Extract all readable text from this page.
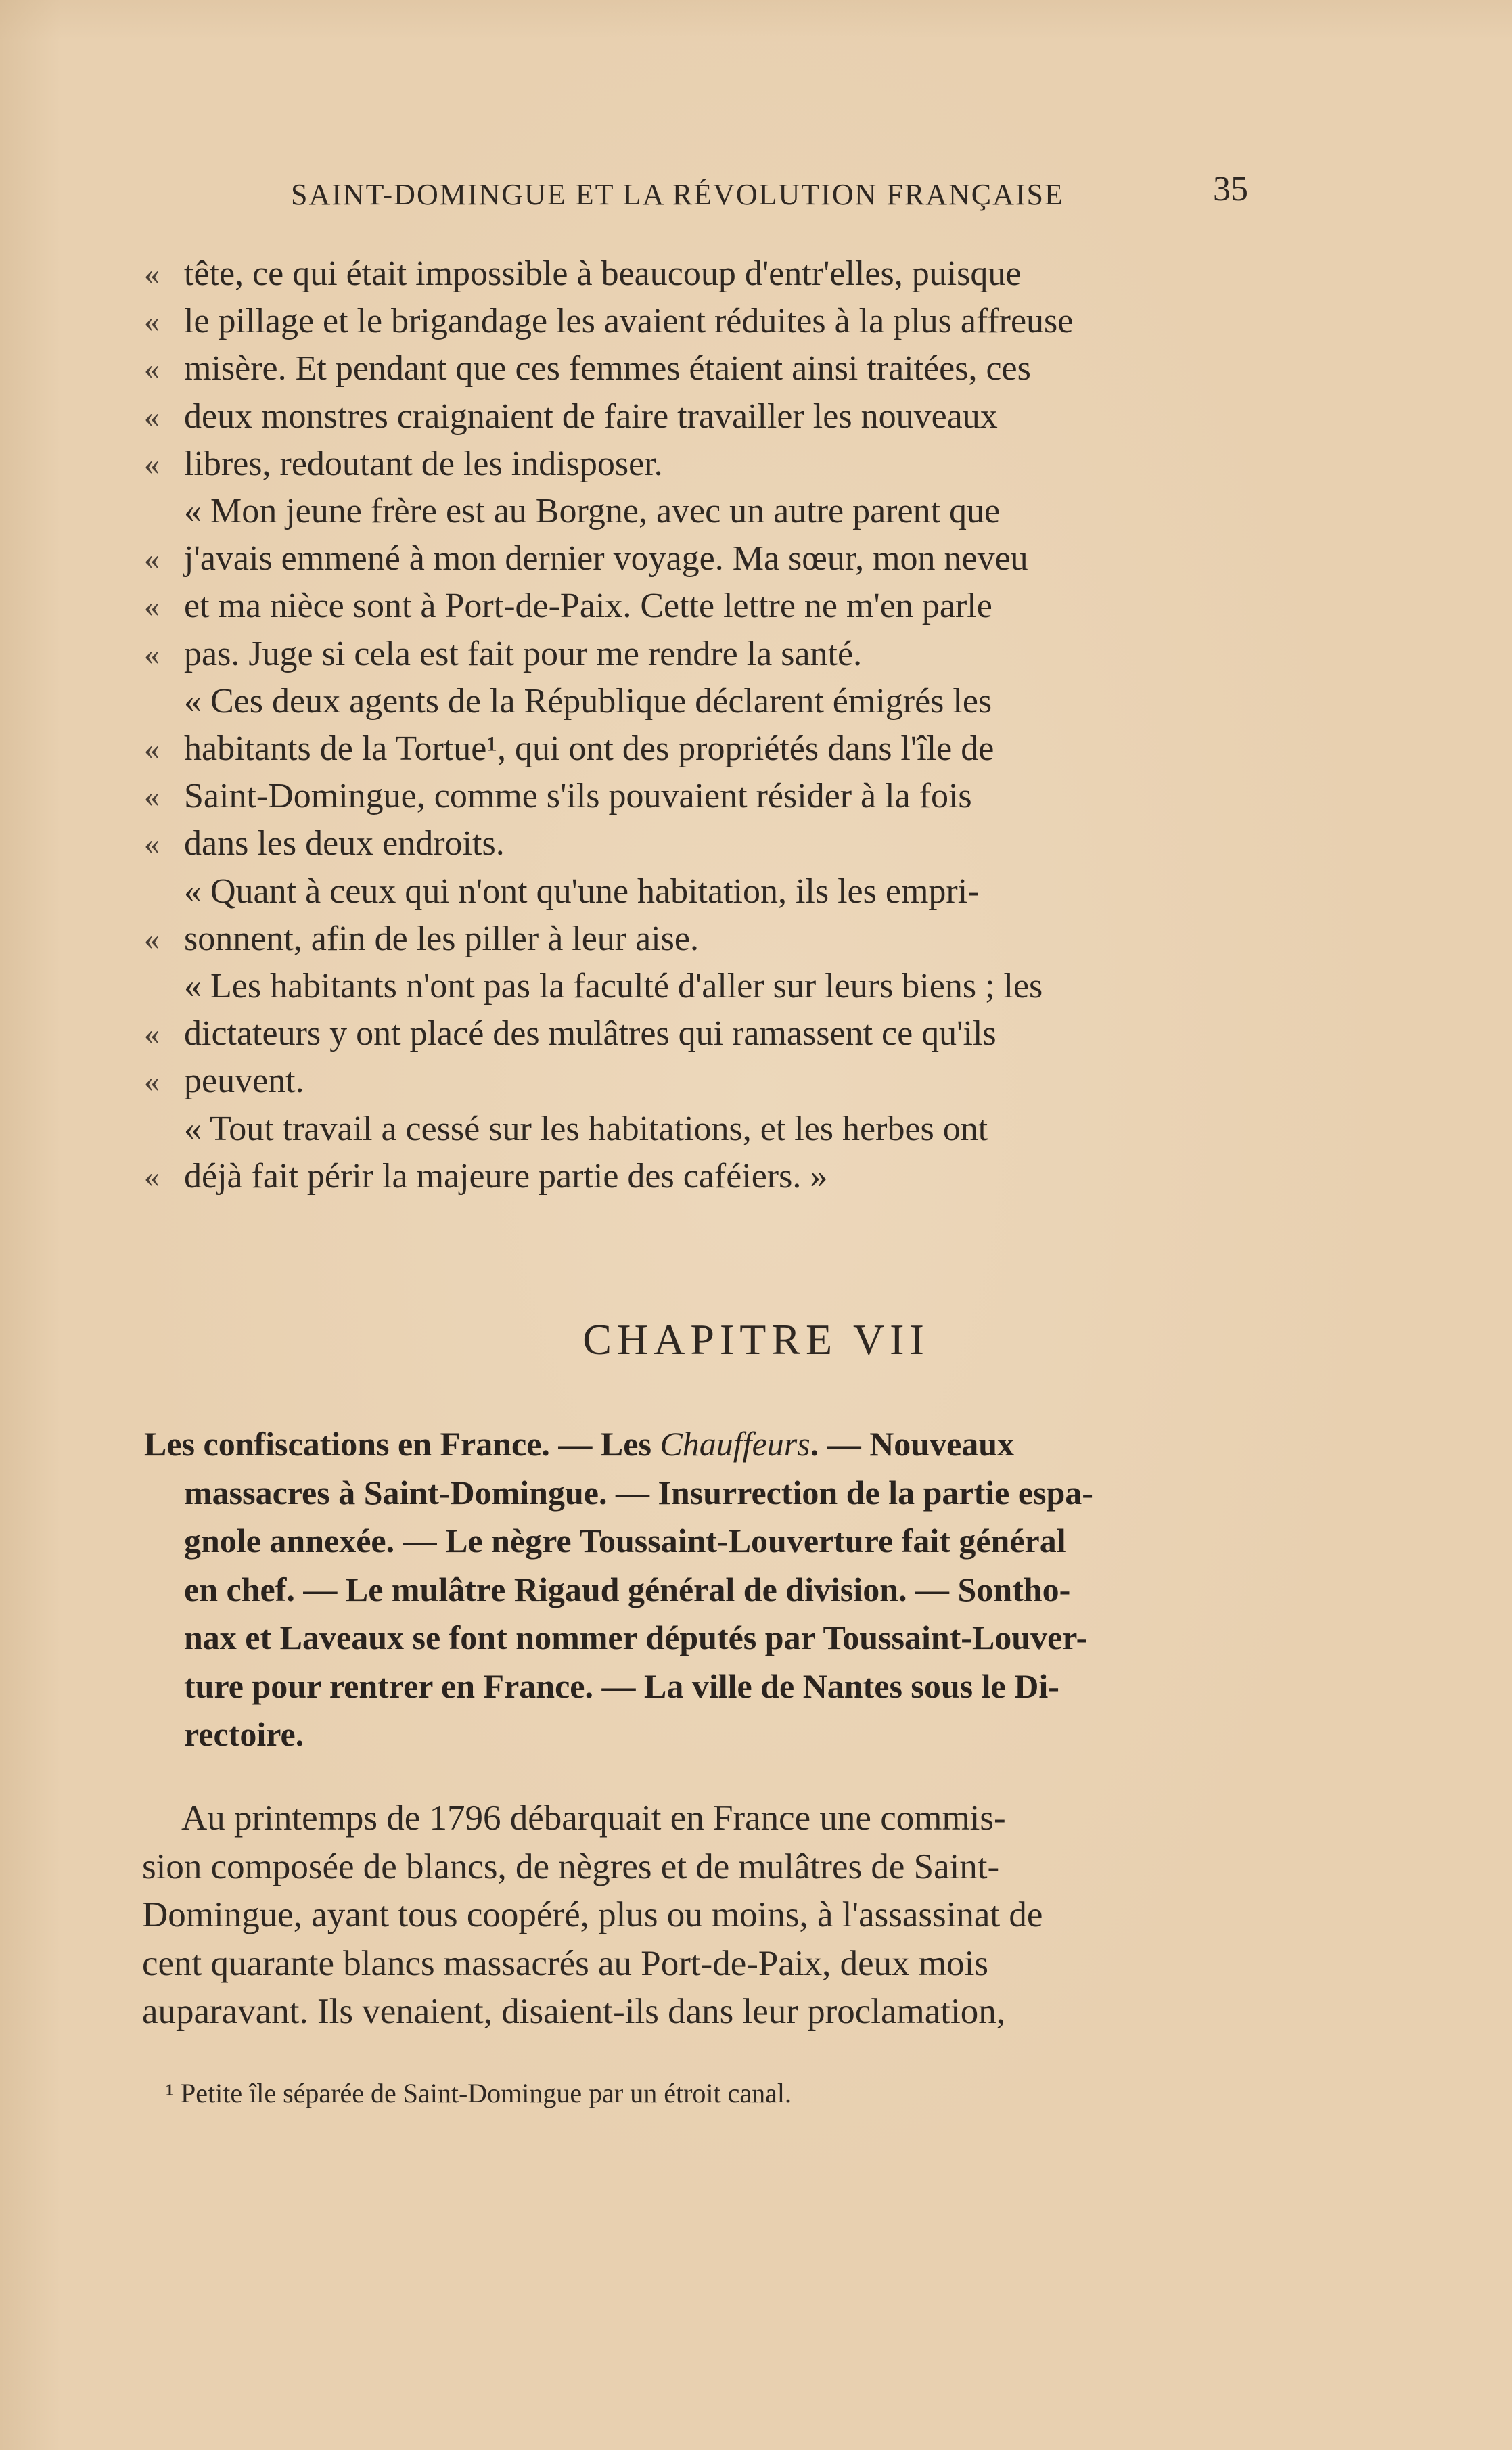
SAINT-DOMINGUE ET LA RÉVOLUTION FRANÇAISE	35
« tête, ce qui était impossible à beaucoup d'entr'elles, puisque
« le pillage et le brigandage les avaient réduites à la plus affreuse
« misère. Et pendant que ces femmes étaient ainsi traitées, ces
« deux monstres craignaient de faire travailler les nouveaux
« libres, redoutant de les indisposer.
« Mon jeune frère est au Borgne, avec un autre parent que
« j'avais emmené à mon dernier voyage. Ma sœur, mon neveu
« et ma nièce sont à Port-de-Paix. Cette lettre ne m'en parle
« pas. Juge si cela est fait pour me rendre la santé.
« Ces deux agents de la République déclarent émigrés les
« habitants de la Tortue¹, qui ont des propriétés dans l'île de
« Saint-Domingue, comme s'ils pouvaient résider à la fois
« dans les deux endroits.
« Quant à ceux qui n'ont qu'une habitation, ils les empri-
« sonnent, afin de les piller à leur aise.
« Les habitants n'ont pas la faculté d'aller sur leurs biens ; les
« dictateurs y ont placé des mulâtres qui ramassent ce qu'ils
« peuvent.
« Tout travail a cessé sur les habitations, et les herbes ont
« déjà fait périr la majeure partie des caféiers. »
CHAPITRE VII
Les confiscations en France. — Les Chauffeurs. — Nouveaux
massacres à Saint-Domingue. — Insurrection de la partie espa-
gnole annexée. — Le nègre Toussaint-Louverture fait général
en chef. — Le mulâtre Rigaud général de division. — Sontho-
nax et Laveaux se font nommer députés par Toussaint-Louver-
ture pour rentrer en France. — La ville de Nantes sous le Di-
rectoire.
Au printemps de 1796 débarquait en France une commis-
sion composée de blancs, de nègres et de mulâtres de Saint-
Domingue, ayant tous coopéré, plus ou moins, à l'assassinat de
cent quarante blancs massacrés au Port-de-Paix, deux mois
auparavant. Ils venaient, disaient-ils dans leur proclamation,
¹ Petite île séparée de Saint-Domingue par un étroit canal.
